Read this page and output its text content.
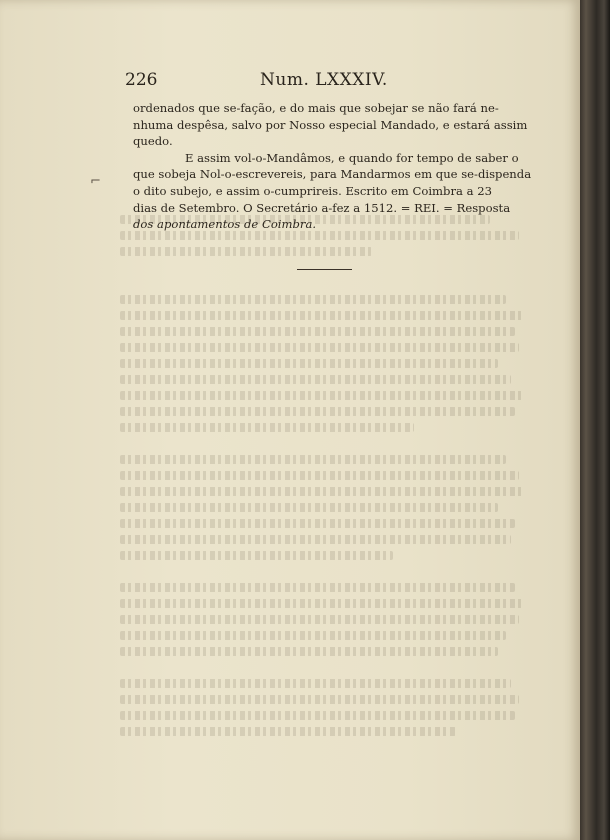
226	Num. LXXXIV.
⌐
ordenados que se-fação, e do mais que sobejar se não fará ne-
nhuma despêsa, salvo por Nosso especial Mandado, e estará assim
quedo.
E assim vol-o-Mandâmos, e quando for tempo de saber o
que sobeja Nol-o-escrevereis, para Mandarmos em que se-dispenda
o dito subejo, e assim o-cumprireis. Escrito em Coimbra a 23
dias de Setembro. O Secretário a-fez a 1512. = REI. = Resposta
dos apontamentos de Coimbra.
